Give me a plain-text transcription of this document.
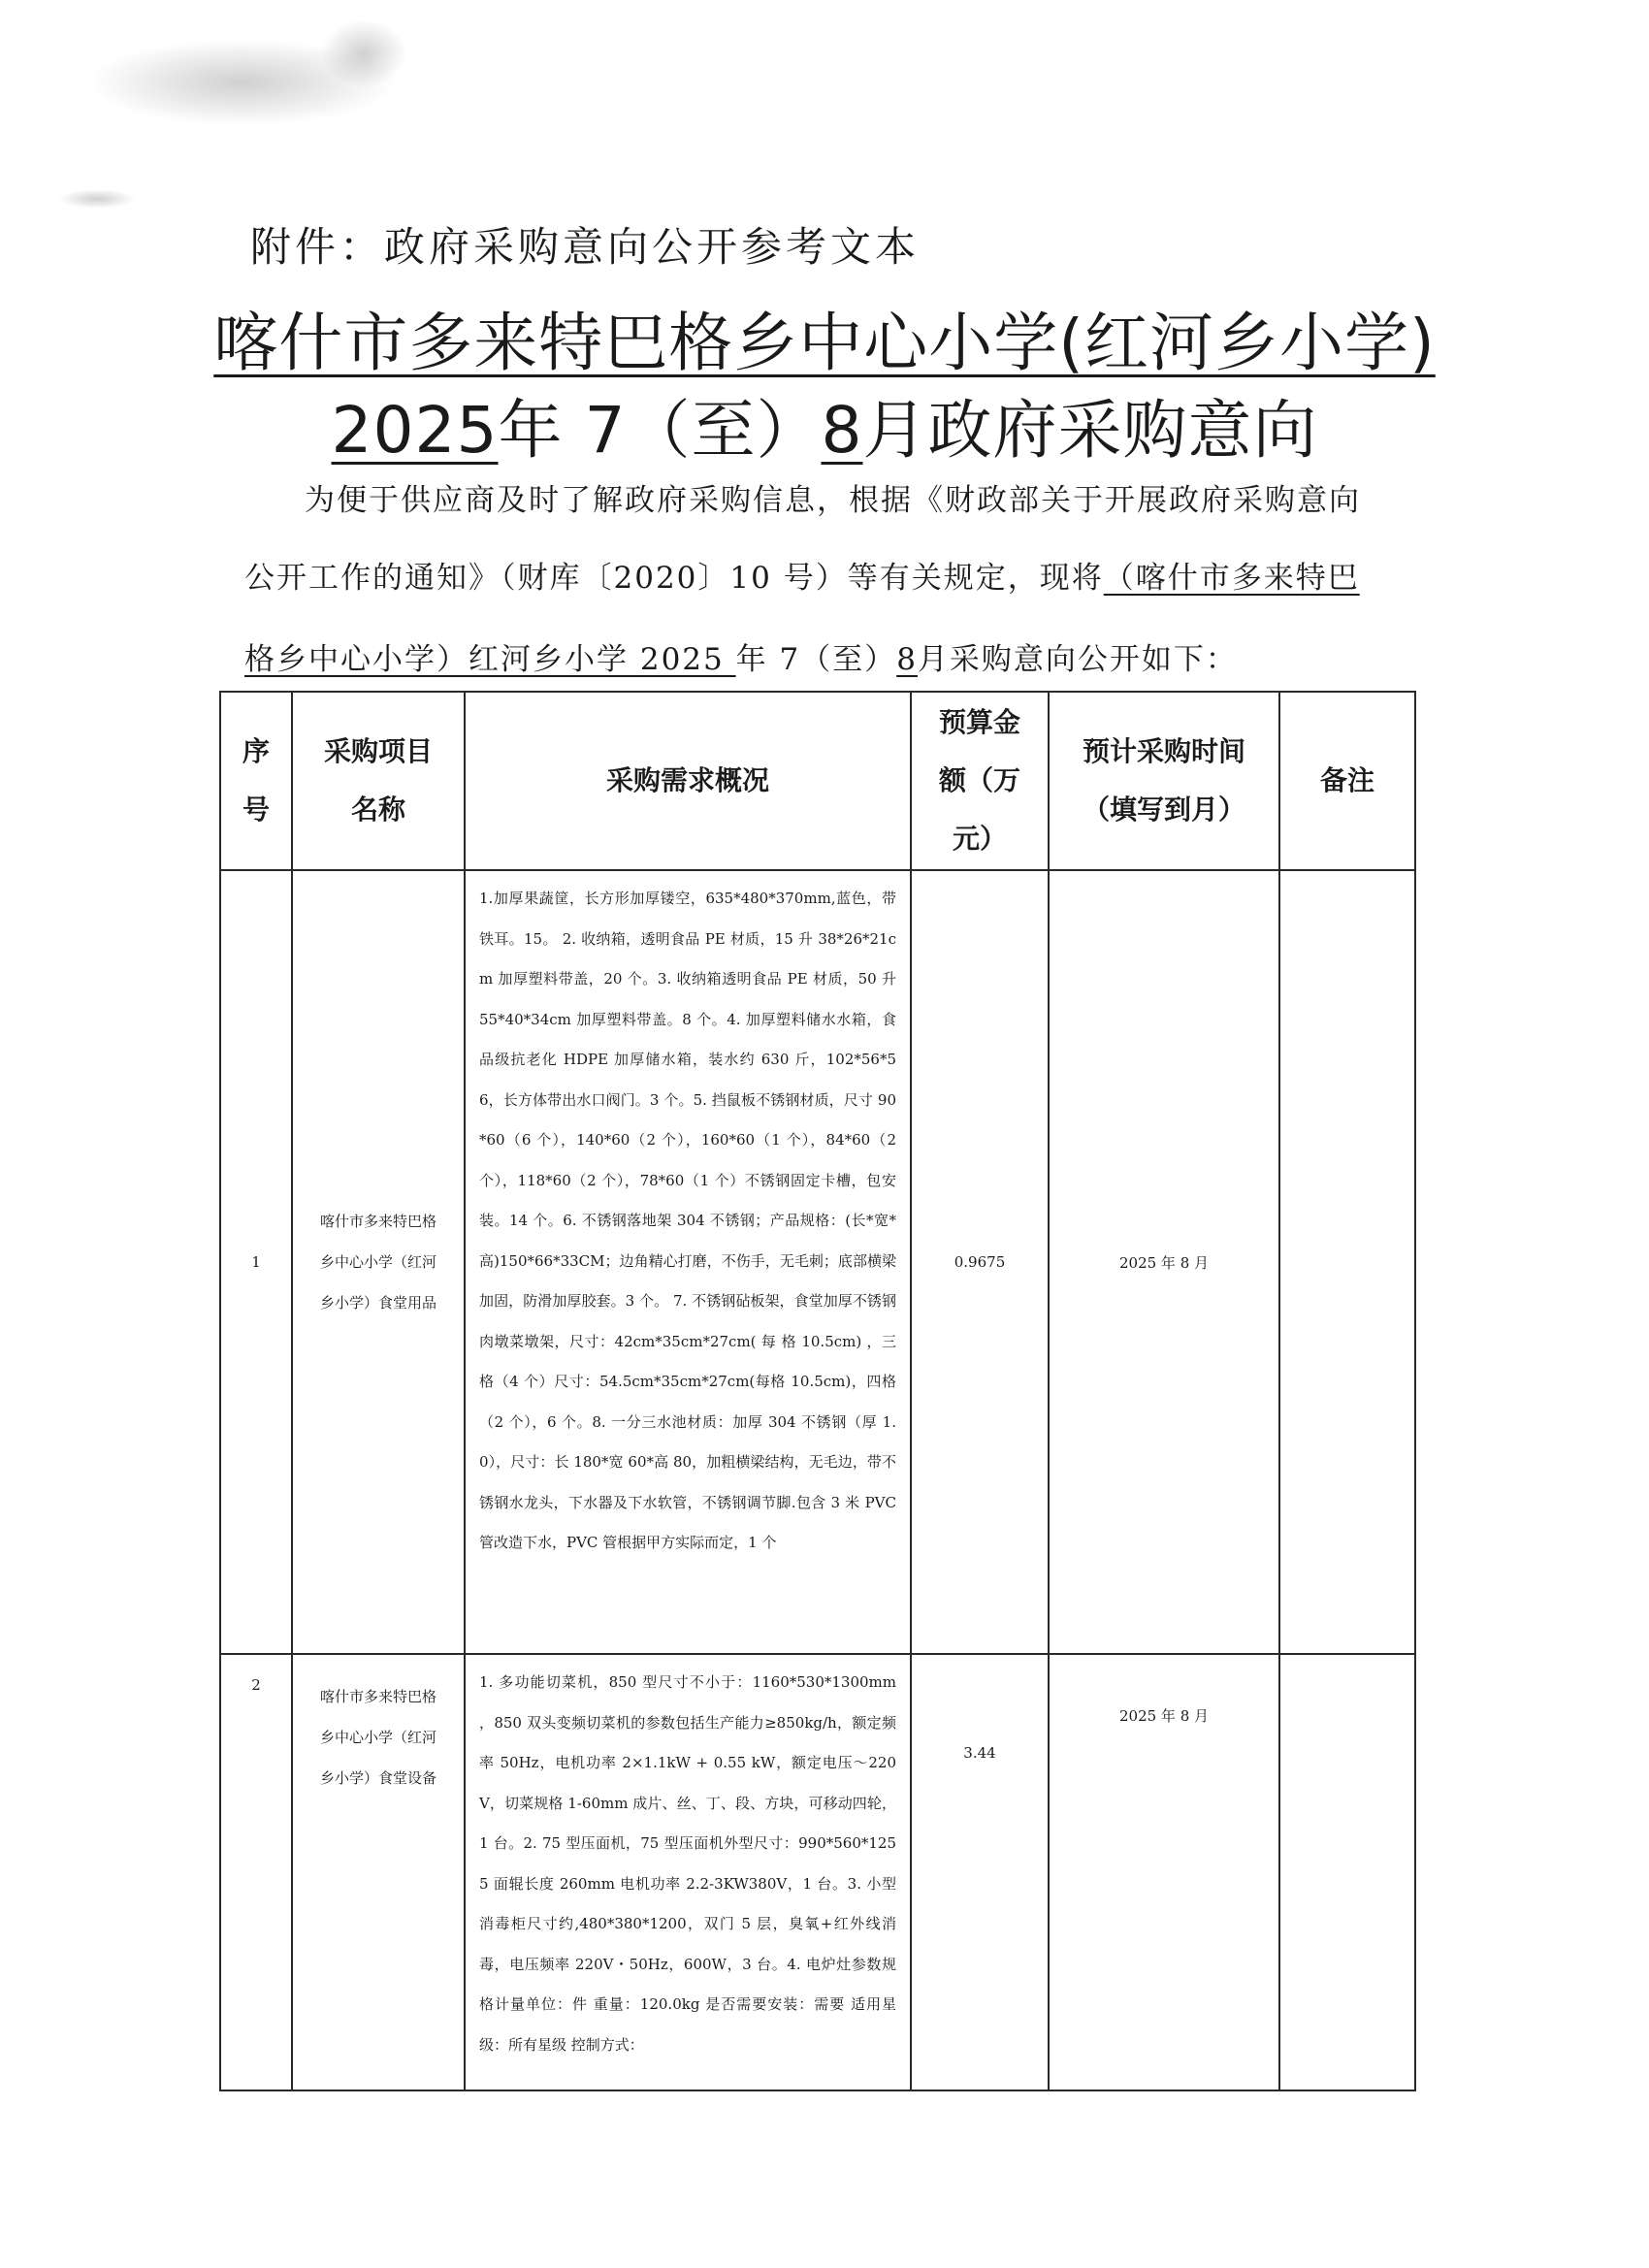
附件：政府采购意向公开参考文本
喀什市多来特巴格乡中心小学(红河乡小学)
2025年 7（至）8月政府采购意向
为便于供应商及时了解政府采购信息，根据《财政部关于开展政府采购意向
公开工作的通知》（财库〔2020〕10 号）等有关规定，现将（喀什市多来特巴
格乡中心小学）红河乡小学 2025 年 7（至）8月采购意向公开如下：
序号	采购项目名称	采购需求概况	预算金额（万元）	预计采购时间（填写到月）	备注
1	喀什市多来特巴格乡中心小学（红河乡小学）食堂用品	1.加厚果蔬筐，长方形加厚镂空，635*480*370mm,蓝色，带铁耳。15。 2. 收纳箱，透明食品 PE 材质，15 升 38*26*21cm 加厚塑料带盖，20 个。3. 收纳箱透明食品 PE 材质，50 升 55*40*34cm 加厚塑料带盖。8 个。4. 加厚塑料储水水箱，食品级抗老化 HDPE 加厚储水箱，装水约 630 斤，102*56*56，长方体带出水口阀门。3 个。5. 挡鼠板不锈钢材质，尺寸 90*60（6 个），140*60（2 个），160*60（1 个），84*60（2 个），118*60（2 个），78*60（1 个）不锈钢固定卡槽，包安装。14 个。6. 不锈钢落地架 304 不锈钢；产品规格：(长*宽*高)150*66*33CM；边角精心打磨，不伤手，无毛刺；底部横梁加固，防滑加厚胶套。3 个。 7. 不锈钢砧板架，食堂加厚不锈钢肉墩菜墩架，尺寸：42cm*35cm*27cm( 每 格 10.5cm) ，三格（4 个）尺寸：54.5cm*35cm*27cm(每格 10.5cm)，四格（2 个），6 个。8. 一分三水池材质：加厚 304 不锈钢（厚 1.0），尺寸：长 180*宽 60*高 80，加粗横梁结构，无毛边，带不锈钢水龙头，下水器及下水软管，不锈钢调节脚.包含 3 米 PVC 管改造下水，PVC 管根据甲方实际而定，1 个	0.9675	2025 年 8 月	
2	喀什市多来特巴格乡中心小学（红河乡小学）食堂设备	1. 多功能切菜机，850 型尺寸不小于：1160*530*1300mm ，850 双头变频切菜机的参数包括生产能力≥850kg/h，额定频率 50Hz，电机功率 2×1.1kW + 0.55 kW，额定电压～220V，切菜规格 1-60mm 成片、丝、丁、段、方块，可移动四轮，1 台。2. 75 型压面机，75 型压面机外型尺寸：990*560*1255 面辊长度 260mm 电机功率 2.2-3KW380V，1 台。3. 小型消毒柜尺寸约,480*380*1200，双门 5 层，臭氧+红外线消毒，电压频率 220V・50Hz，600W，3 台。4. 电炉灶参数规格计量单位：件 重量：120.0kg 是否需要安装：需要 适用星级：所有星级 控制方式：	3.44	2025 年 8 月	
